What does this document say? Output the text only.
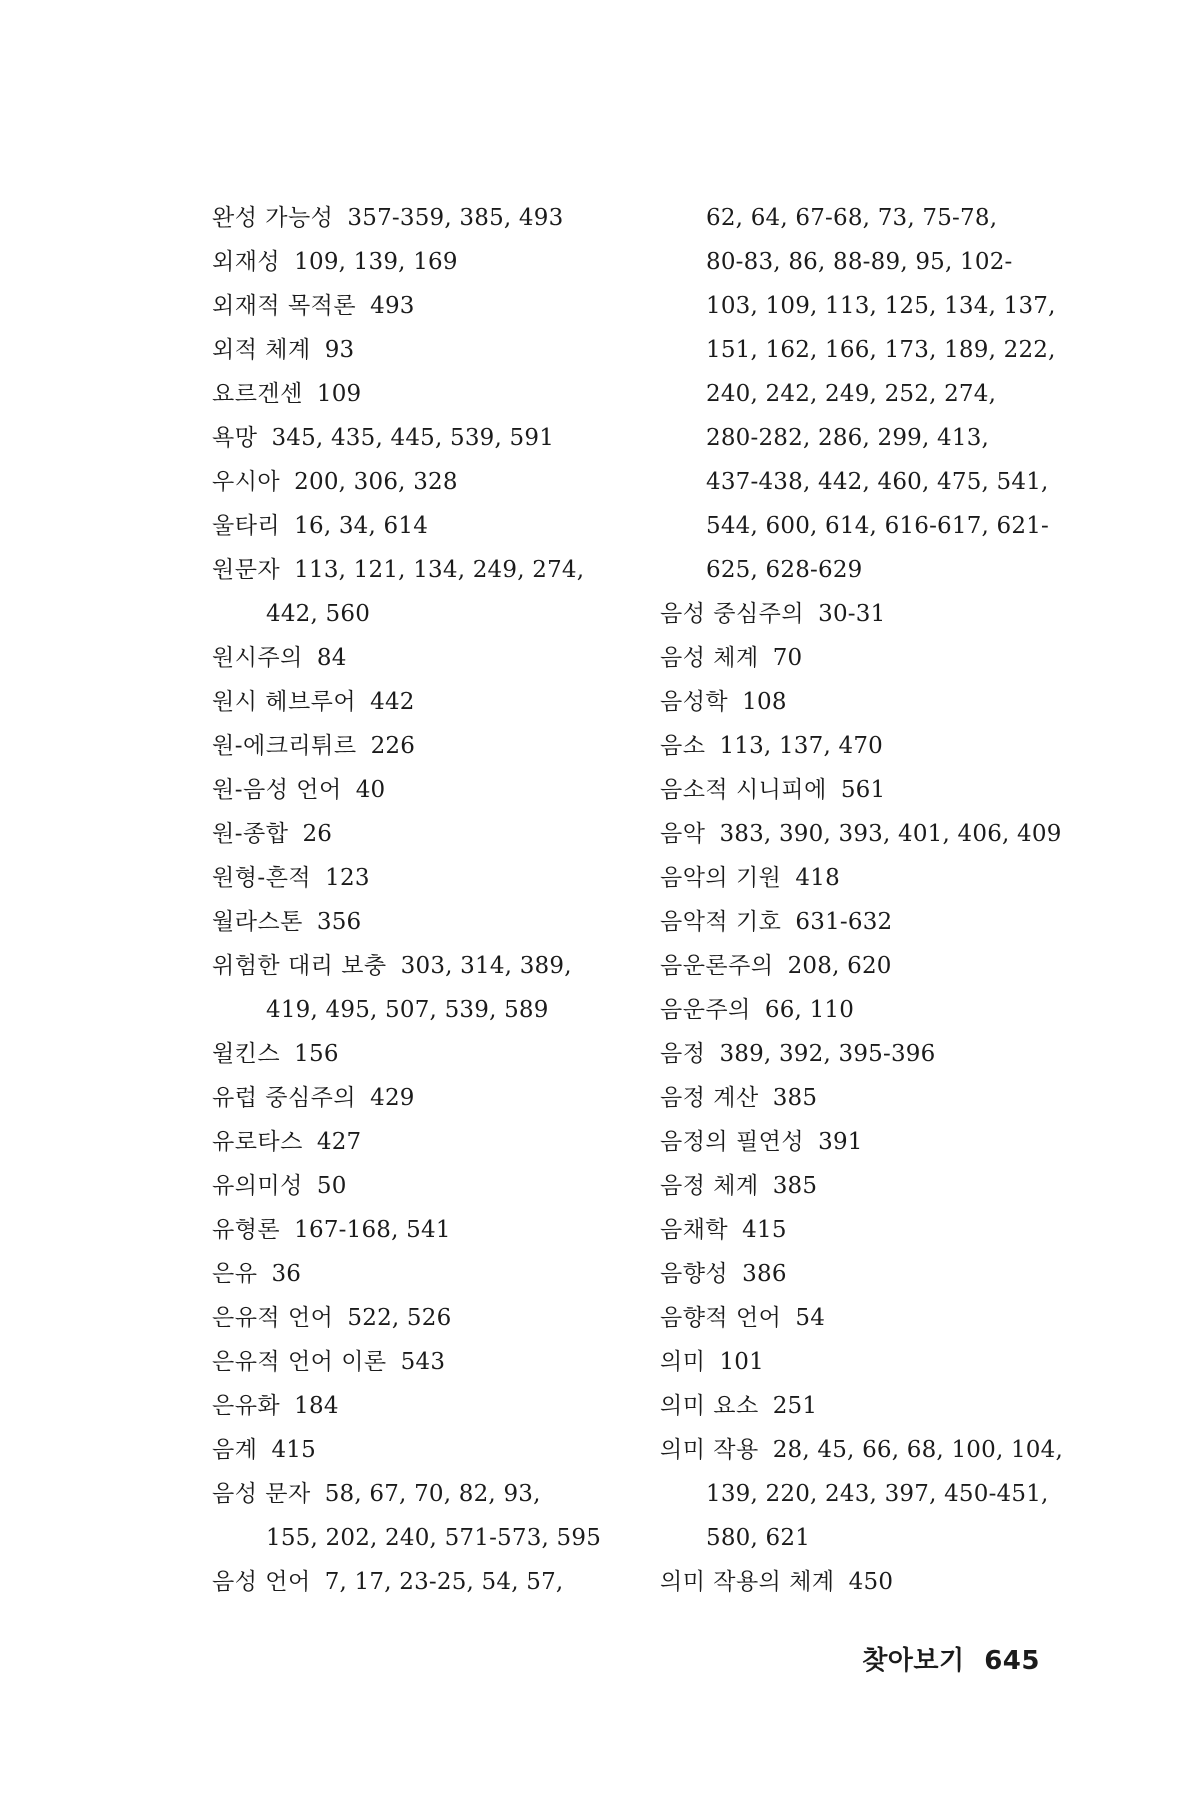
완성 가능성 357-359, 385, 493
외재성 109, 139, 169
외재적 목적론 493
외적 체계 93
요르겐센 109
욕망 345, 435, 445, 539, 591
우시아 200, 306, 328
울타리 16, 34, 614
원문자 113, 121, 134, 249, 274,
442, 560
원시주의 84
원시 헤브루어 442
원-에크리튀르 226
원-음성 언어 40
원-종합 26
원형-흔적 123
월라스톤 356
위험한 대리 보충 303, 314, 389,
419, 495, 507, 539, 589
윌킨스 156
유럽 중심주의 429
유로타스 427
유의미성 50
유형론 167-168, 541
은유 36
은유적 언어 522, 526
은유적 언어 이론 543
은유화 184
음계 415
음성 문자 58, 67, 70, 82, 93,
155, 202, 240, 571-573, 595
음성 언어 7, 17, 23-25, 54, 57,
62, 64, 67-68, 73, 75-78,
80-83, 86, 88-89, 95, 102-
103, 109, 113, 125, 134, 137,
151, 162, 166, 173, 189, 222,
240, 242, 249, 252, 274,
280-282, 286, 299, 413,
437-438, 442, 460, 475, 541,
544, 600, 614, 616-617, 621-
625, 628-629
음성 중심주의 30-31
음성 체계 70
음성학 108
음소 113, 137, 470
음소적 시니피에 561
음악 383, 390, 393, 401, 406, 409
음악의 기원 418
음악적 기호 631-632
음운론주의 208, 620
음운주의 66, 110
음정 389, 392, 395-396
음정 계산 385
음정의 필연성 391
음정 체계 385
음채학 415
음향성 386
음향적 언어 54
의미 101
의미 요소 251
의미 작용 28, 45, 66, 68, 100, 104,
139, 220, 243, 397, 450-451,
580, 621
의미 작용의 체계 450
찾아보기 645
